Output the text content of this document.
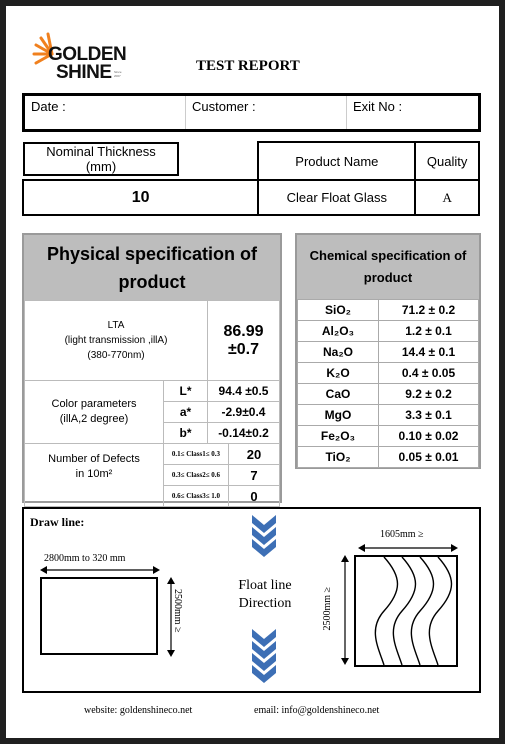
GOLDEN
SHINE Since 2007
TEST REPORT
Date :	Customer :	Exit No :
Nominal Thickness (mm)	Product Name	Quality
10	Clear Float Glass	A
Physical specification of product
LTA
(light transmission ,illA)
(380-770nm)		86.99 ±0.7	

Color parameters
(illA,2 degree)	L*	94.4 ±0.5	
	a*	-2.9±0.4	
	b*	-0.14±0.2	

Number of Defects
in 10m²	0.1≤ Class1≤ 0.3		20
	0.3≤ Class2≤ 0.6		7
	0.6≤ Class3≤ 1.0		0
Chemical specification of product
SiO₂	71.2 ± 0.2
Al₂O₃	1.2 ± 0.1
Na₂O	14.4 ± 0.1
K₂O	0.4 ± 0.05
CaO	9.2 ± 0.2
MgO	3.3 ± 0.1
Fe₂O₃	0.10 ± 0.02
TiO₂	0.05 ± 0.01
Draw line:
2800mm to 320 mm
2500mm ≥
Float line
Direction
1605mm ≥
2500mm ≥
website: goldenshineco.net	email: info@goldenshineco.net
